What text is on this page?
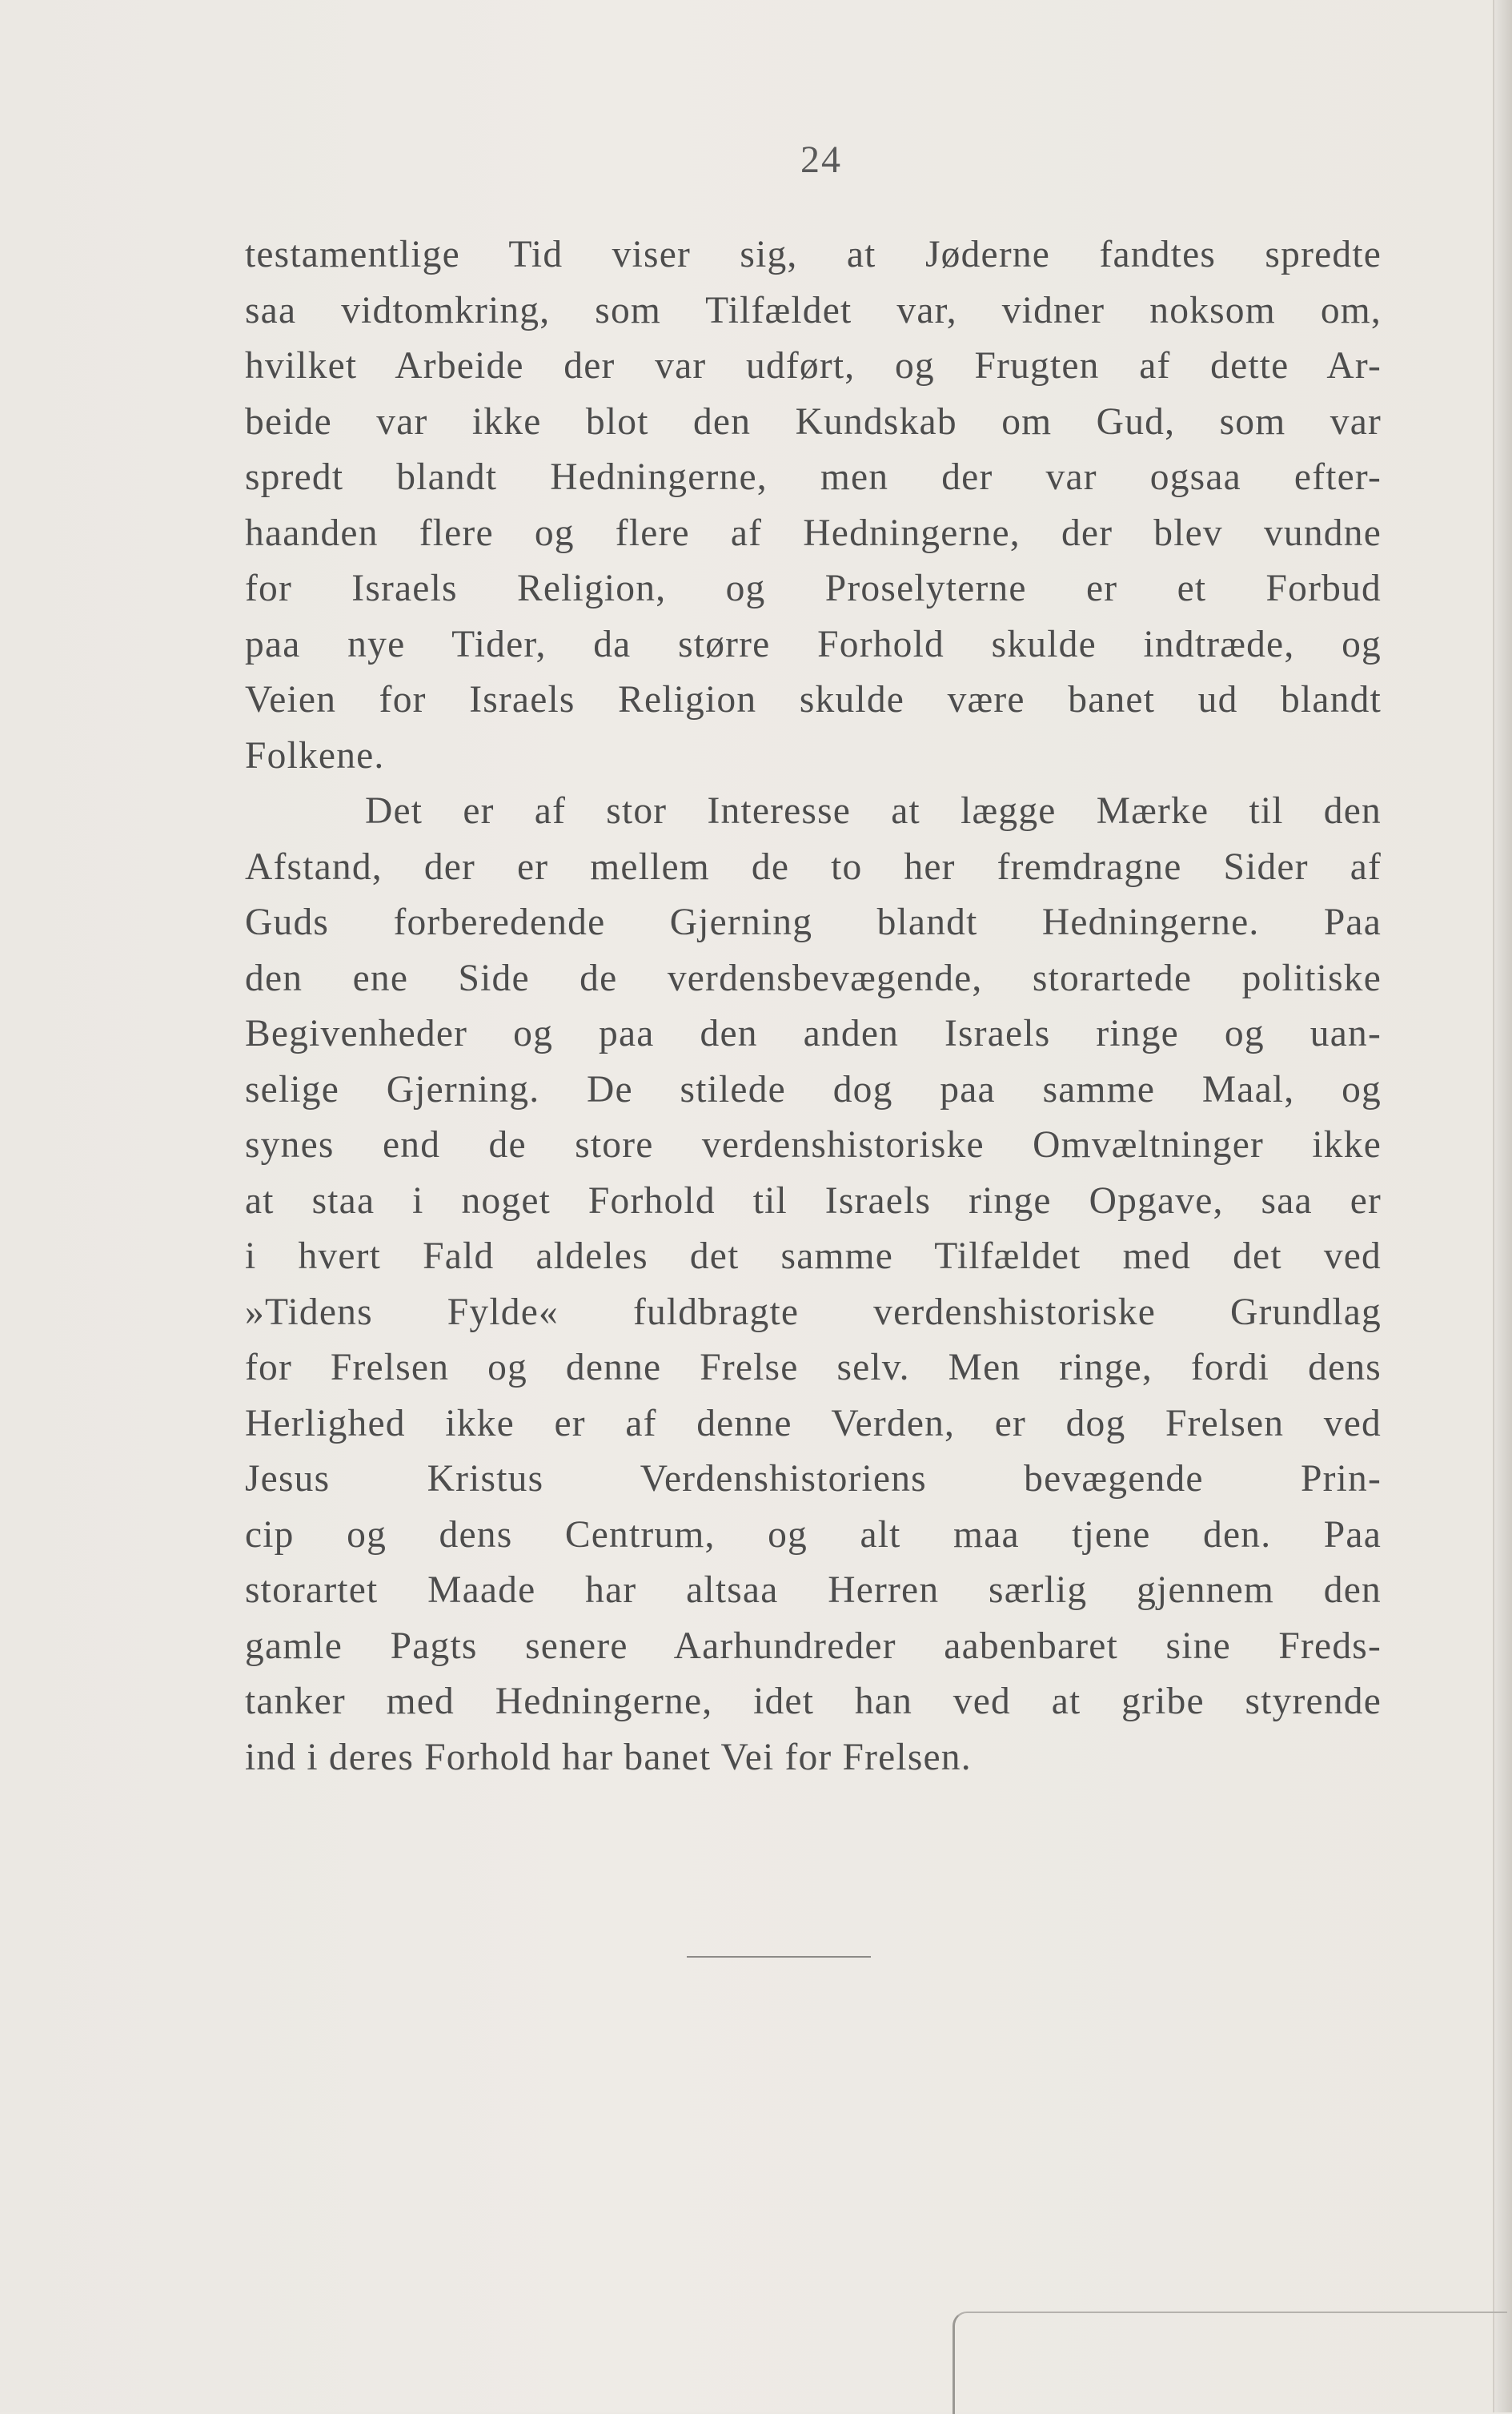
24
testamentlige Tid viser sig, at Jøderne fandtes spredte
saa vidtomkring, som Tilfældet var, vidner noksom om,
hvilket Arbeide der var udført, og Frugten af dette Ar-
beide var ikke blot den Kundskab om Gud, som var
spredt blandt Hedningerne, men der var ogsaa efter-
haanden flere og flere af Hedningerne, der blev vundne
for Israels Religion, og Proselyterne er et Forbud
paa nye Tider, da større Forhold skulde indtræde, og
Veien for Israels Religion skulde være banet ud blandt
Folkene.
Det er af stor Interesse at lægge Mærke til den
Afstand, der er mellem de to her fremdragne Sider af
Guds forberedende Gjerning blandt Hedningerne. Paa
den ene Side de verdensbevægende, storartede politiske
Begivenheder og paa den anden Israels ringe og uan-
selige Gjerning. De stilede dog paa samme Maal, og
synes end de store verdenshistoriske Omvæltninger ikke
at staa i noget Forhold til Israels ringe Opgave, saa er
i hvert Fald aldeles det samme Tilfældet med det ved
»Tidens Fylde« fuldbragte verdenshistoriske Grundlag
for Frelsen og denne Frelse selv. Men ringe, fordi dens
Herlighed ikke er af denne Verden, er dog Frelsen ved
Jesus Kristus Verdenshistoriens bevægende Prin-
cip og dens Centrum, og alt maa tjene den. Paa
storartet Maade har altsaa Herren særlig gjennem den
gamle Pagts senere Aarhundreder aabenbaret sine Freds-
tanker med Hedningerne, idet han ved at gribe styrende
ind i deres Forhold har banet Vei for Frelsen.
